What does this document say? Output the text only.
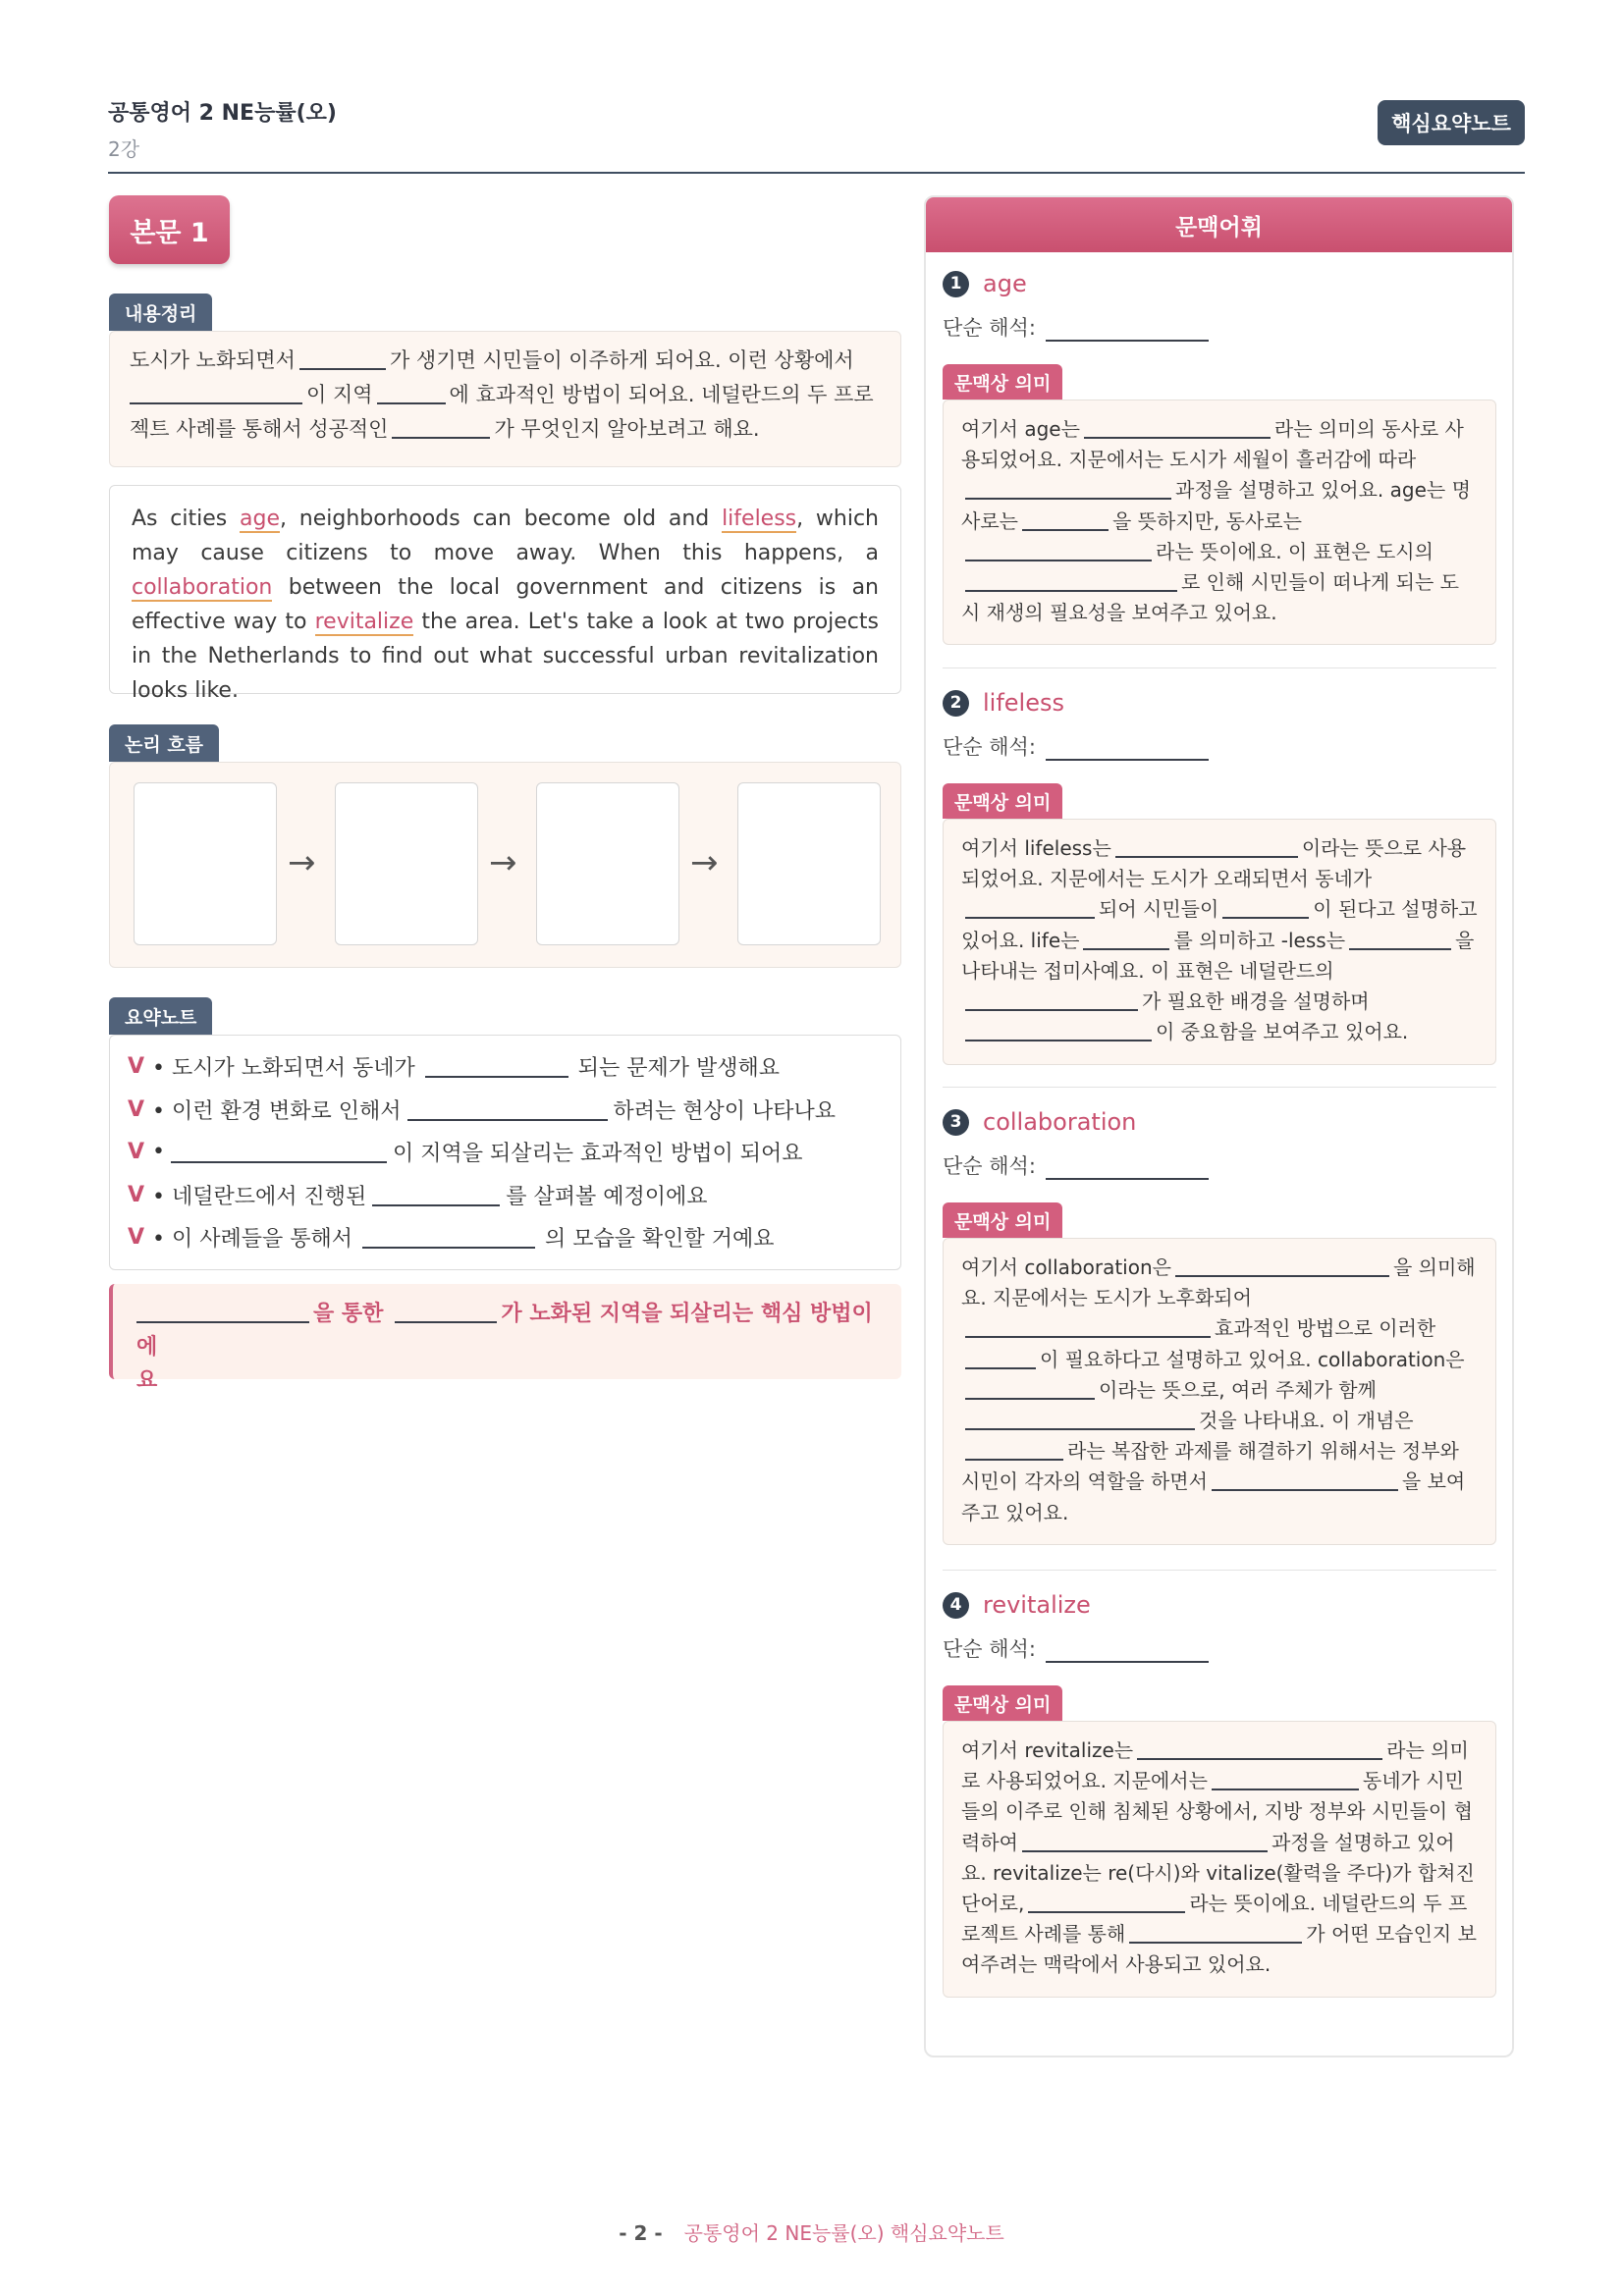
공통영어 2 NE능률(오)
2강
핵심요약노트
본문 1
내용정리
도시가 노화되면서	가 생기면 시민들이 이주하게 되어요. 이런 상황에서
이 지역	에 효과적인 방법이 되어요. 네덜란드의 두 프로
젝트 사례를 통해서 성공적인	가 무엇인지 알아보려고 해요.
As cities age, neighborhoods can become old and lifeless, which may cause citizens to move away. When this happens, a collaboration between the local government and citizens is an effective way to revitalize the area. Let's take a look at two projects in the Netherlands to find out what successful urban revitalization looks like.
논리 흐름
→	→	→
요약노트
V • 도시가 노화되면서 동네가	되는 문제가 발생해요
V • 이런 환경 변화로 인해서	하려는 현상이 나타나요
V •	이 지역을 되살리는 효과적인 방법이 되어요
V • 네덜란드에서 진행된	를 살펴볼 예정이에요
V • 이 사례들을 통해서	의 모습을 확인할 거예요
을 통한	가 노화된 지역을 되살리는 핵심 방법이에
요
문맥어휘
1 age
단순 해석:
문맥상 의미
여기서 age는	라는 의미의 동사로 사용되었어요. 지문에서는 도시가 세월이 흘러감에 따라과정을 설명하고 있어요. age는 명사로는	을 뜻하지만, 동사로는라는 뜻이에요. 이 표현은 도시의로 인해 시민들이 떠나게 되는 도시 재생의 필요성을 보여주고 있어요.
2 lifeless
단순 해석:
문맥상 의미
여기서 lifeless는	이라는 뜻으로 사용되었어요. 지문에서는 도시가 오래되면서 동네가되어 시민들이	이 된다고 설명하고 있어요. life는	를 의미하고 -less는	을 나타내는 접미사예요. 이 표현은 네덜란드의가 필요한 배경을 설명하며이 중요함을 보여주고 있어요.
3 collaboration
단순 해석:
문맥상 의미
여기서 collaboration은	을 의미해요. 지문에서는 도시가 노후화되어효과적인 방법으로 이러한이 필요하다고 설명하고 있어요. collaboration은이라는 뜻으로, 여러 주체가 함께것을 나타내요. 이 개념은라는 복잡한 과제를 해결하기 위해서는 정부와 시민이 각자의 역할을 하면서	을 보여주고 있어요.
4 revitalize
단순 해석:
문맥상 의미
여기서 revitalize는	라는 의미로 사용되었어요. 지문에서는	동네가 시민들의 이주로 인해 침체된 상황에서, 지방 정부와 시민들이 협력하여	과정을 설명하고 있어요. revitalize는 re(다시)와 vitalize(활력을 주다)가 합쳐진 단어로,	라는 뜻이에요. 네덜란드의 두 프로젝트 사례를 통해	가 어떤 모습인지 보여주려는 맥락에서 사용되고 있어요.
- 2 - 공통영어 2 NE능률(오) 핵심요약노트
